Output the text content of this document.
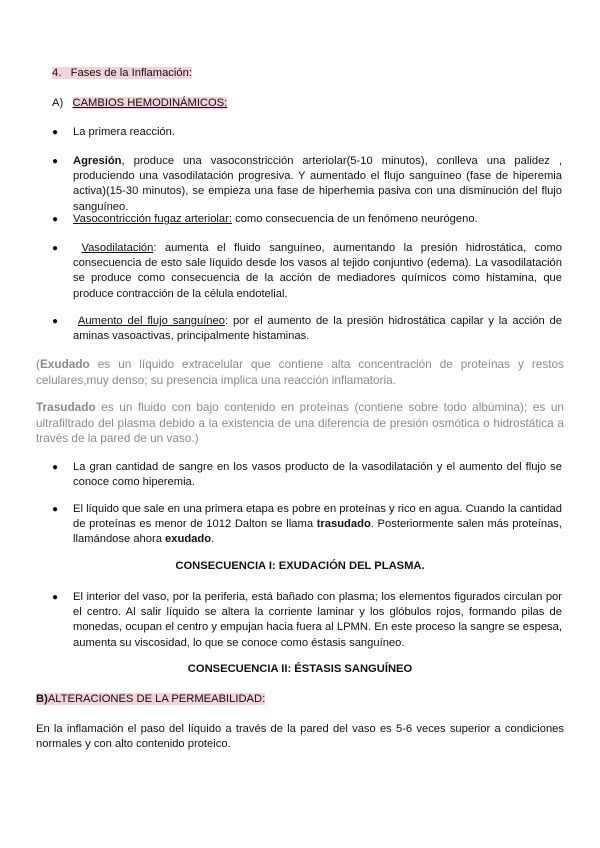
4. Fases de la Inflamación:
A) CAMBIOS HEMODINÁMICOS:
●	La primera reacción.
●	Agresión, produce una vasoconstricción arteriolar(5-10 minutos), conlleva una palidez , produciendo una vasodilatación progresiva. Y aumentado el flujo sanguíneo (fase de hiperemia activa)(15-30 minutos), se empieza una fase de hiperhemia pasiva con una disminución del flujo sanguíneo.
●	Vasocontricción fugaz arteriolar: como consecuencia de un fenómeno neurógeno.
●	Vasodilatación: aumenta el fluido sanguíneo, aumentando la presión hidrostática, como consecuencia de esto sale líquido desde los vasos al tejido conjuntivo (edema). La vasodilatación se produce como consecuencia de la acción de mediadores químicos como histamina, que produce contracción de la célula endotelial.
●	Aumento del flujo sanguíneo: por el aumento de la presión hidrostática capilar y la acción de aminas vasoactivas, principalmente histaminas.
(Exudado es un líquido extracelular que contiene alta concentración de proteínas y restos celulares,muy denso; su presencia implica una reacción inflamatoria.
Trasudado es un fluido con bajo contenido en proteínas (contiene sobre todo albúmina); es un ultrafiltrado del plasma debido a la existencia de una diferencia de presión osmótica o hidrostática a través de la pared de un vaso.)
●	La gran cantidad de sangre en los vasos producto de la vasodilatación y el aumento del flujo se conoce como hiperemia.
●	El líquido que sale en una primera etapa es pobre en proteínas y rico en agua. Cuando la cantidad de proteínas es menor de 1012 Dalton se llama trasudado. Posteriormente salen más proteínas, llamándose ahora exudado.
CONSECUENCIA I: EXUDACIÓN DEL PLASMA.
●	El interior del vaso, por la periferia, está bañado con plasma; los elementos figurados circulan por el centro. Al salir líquido se altera la corriente laminar y los glóbulos rojos, formando pilas de monedas, ocupan el centro y empujan hacia fuera al LPMN. En este proceso la sangre se espesa, aumenta su viscosidad, lo que se conoce como éstasis sanguíneo.
CONSECUENCIA II: ÉSTASIS SANGUÍNEO
B)ALTERACIONES DE LA PERMEABILIDAD:
En la inflamación el paso del líquido a través de la pared del vaso es 5-6 veces superior a condiciones normales y con alto contenido proteico.
